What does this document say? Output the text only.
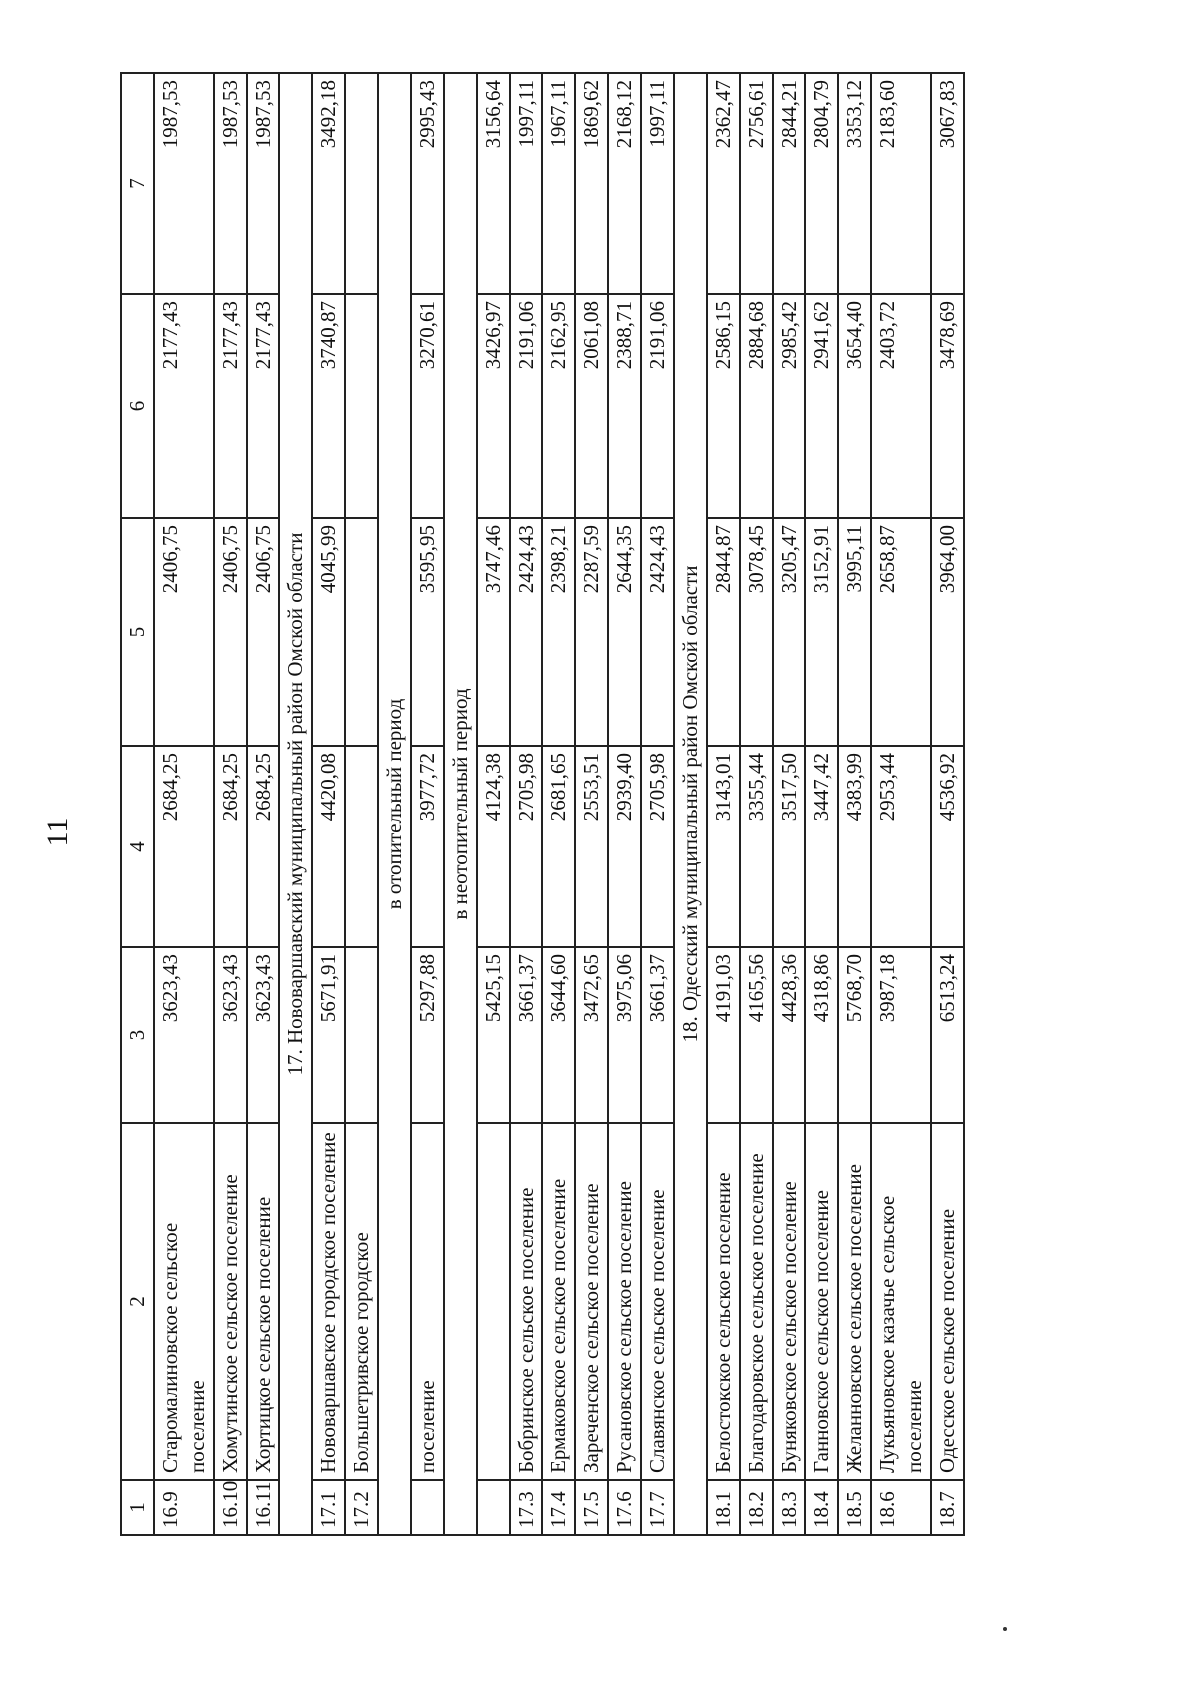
11
1	2	3	4	5	6	7
16.9	Старомалиновское сельское поселение	3623,43	2684,25	2406,75	2177,43	1987,53
16.10	Хомутинское сельское поселение	3623,43	2684,25	2406,75	2177,43	1987,53
16.11	Хортицкое сельское поселение	3623,43	2684,25	2406,75	2177,43	1987,53
17. Нововаршавский муниципальный район Омской области						
17.1	Нововаршавское городское поселение	5671,91	4420,08	4045,99	3740,87	3492,18
17.2	Большетривское городское					
в отопительный период						
	поселение	5297,88	3977,72	3595,95	3270,61	2995,43
в неотопительный период						
		5425,15	4124,38	3747,46	3426,97	3156,64
17.3	Бобринское сельское поселение	3661,37	2705,98	2424,43	2191,06	1997,11
17.4	Ермаковское сельское поселение	3644,60	2681,65	2398,21	2162,95	1967,11
17.5	Зареченское сельское поселение	3472,65	2553,51	2287,59	2061,08	1869,62
17.6	Русановское сельское поселение	3975,06	2939,40	2644,35	2388,71	2168,12
17.7	Славянское сельское поселение	3661,37	2705,98	2424,43	2191,06	1997,11
18. Одесский муниципальный район Омской области						
18.1	Белостокское сельское поселение	4191,03	3143,01	2844,87	2586,15	2362,47
18.2	Благодаровское сельское поселение	4165,56	3355,44	3078,45	2884,68	2756,61
18.3	Буняковское сельское поселение	4428,36	3517,50	3205,47	2985,42	2844,21
18.4	Ганновское сельское поселение	4318,86	3447,42	3152,91	2941,62	2804,79
18.5	Желанновское сельское поселение	5768,70	4383,99	3995,11	3654,40	3353,12
18.6	Лукьяновское казачье сельское поселение	3987,18	2953,44	2658,87	2403,72	2183,60
18.7	Одесское сельское поселение	6513,24	4536,92	3964,00	3478,69	3067,83
